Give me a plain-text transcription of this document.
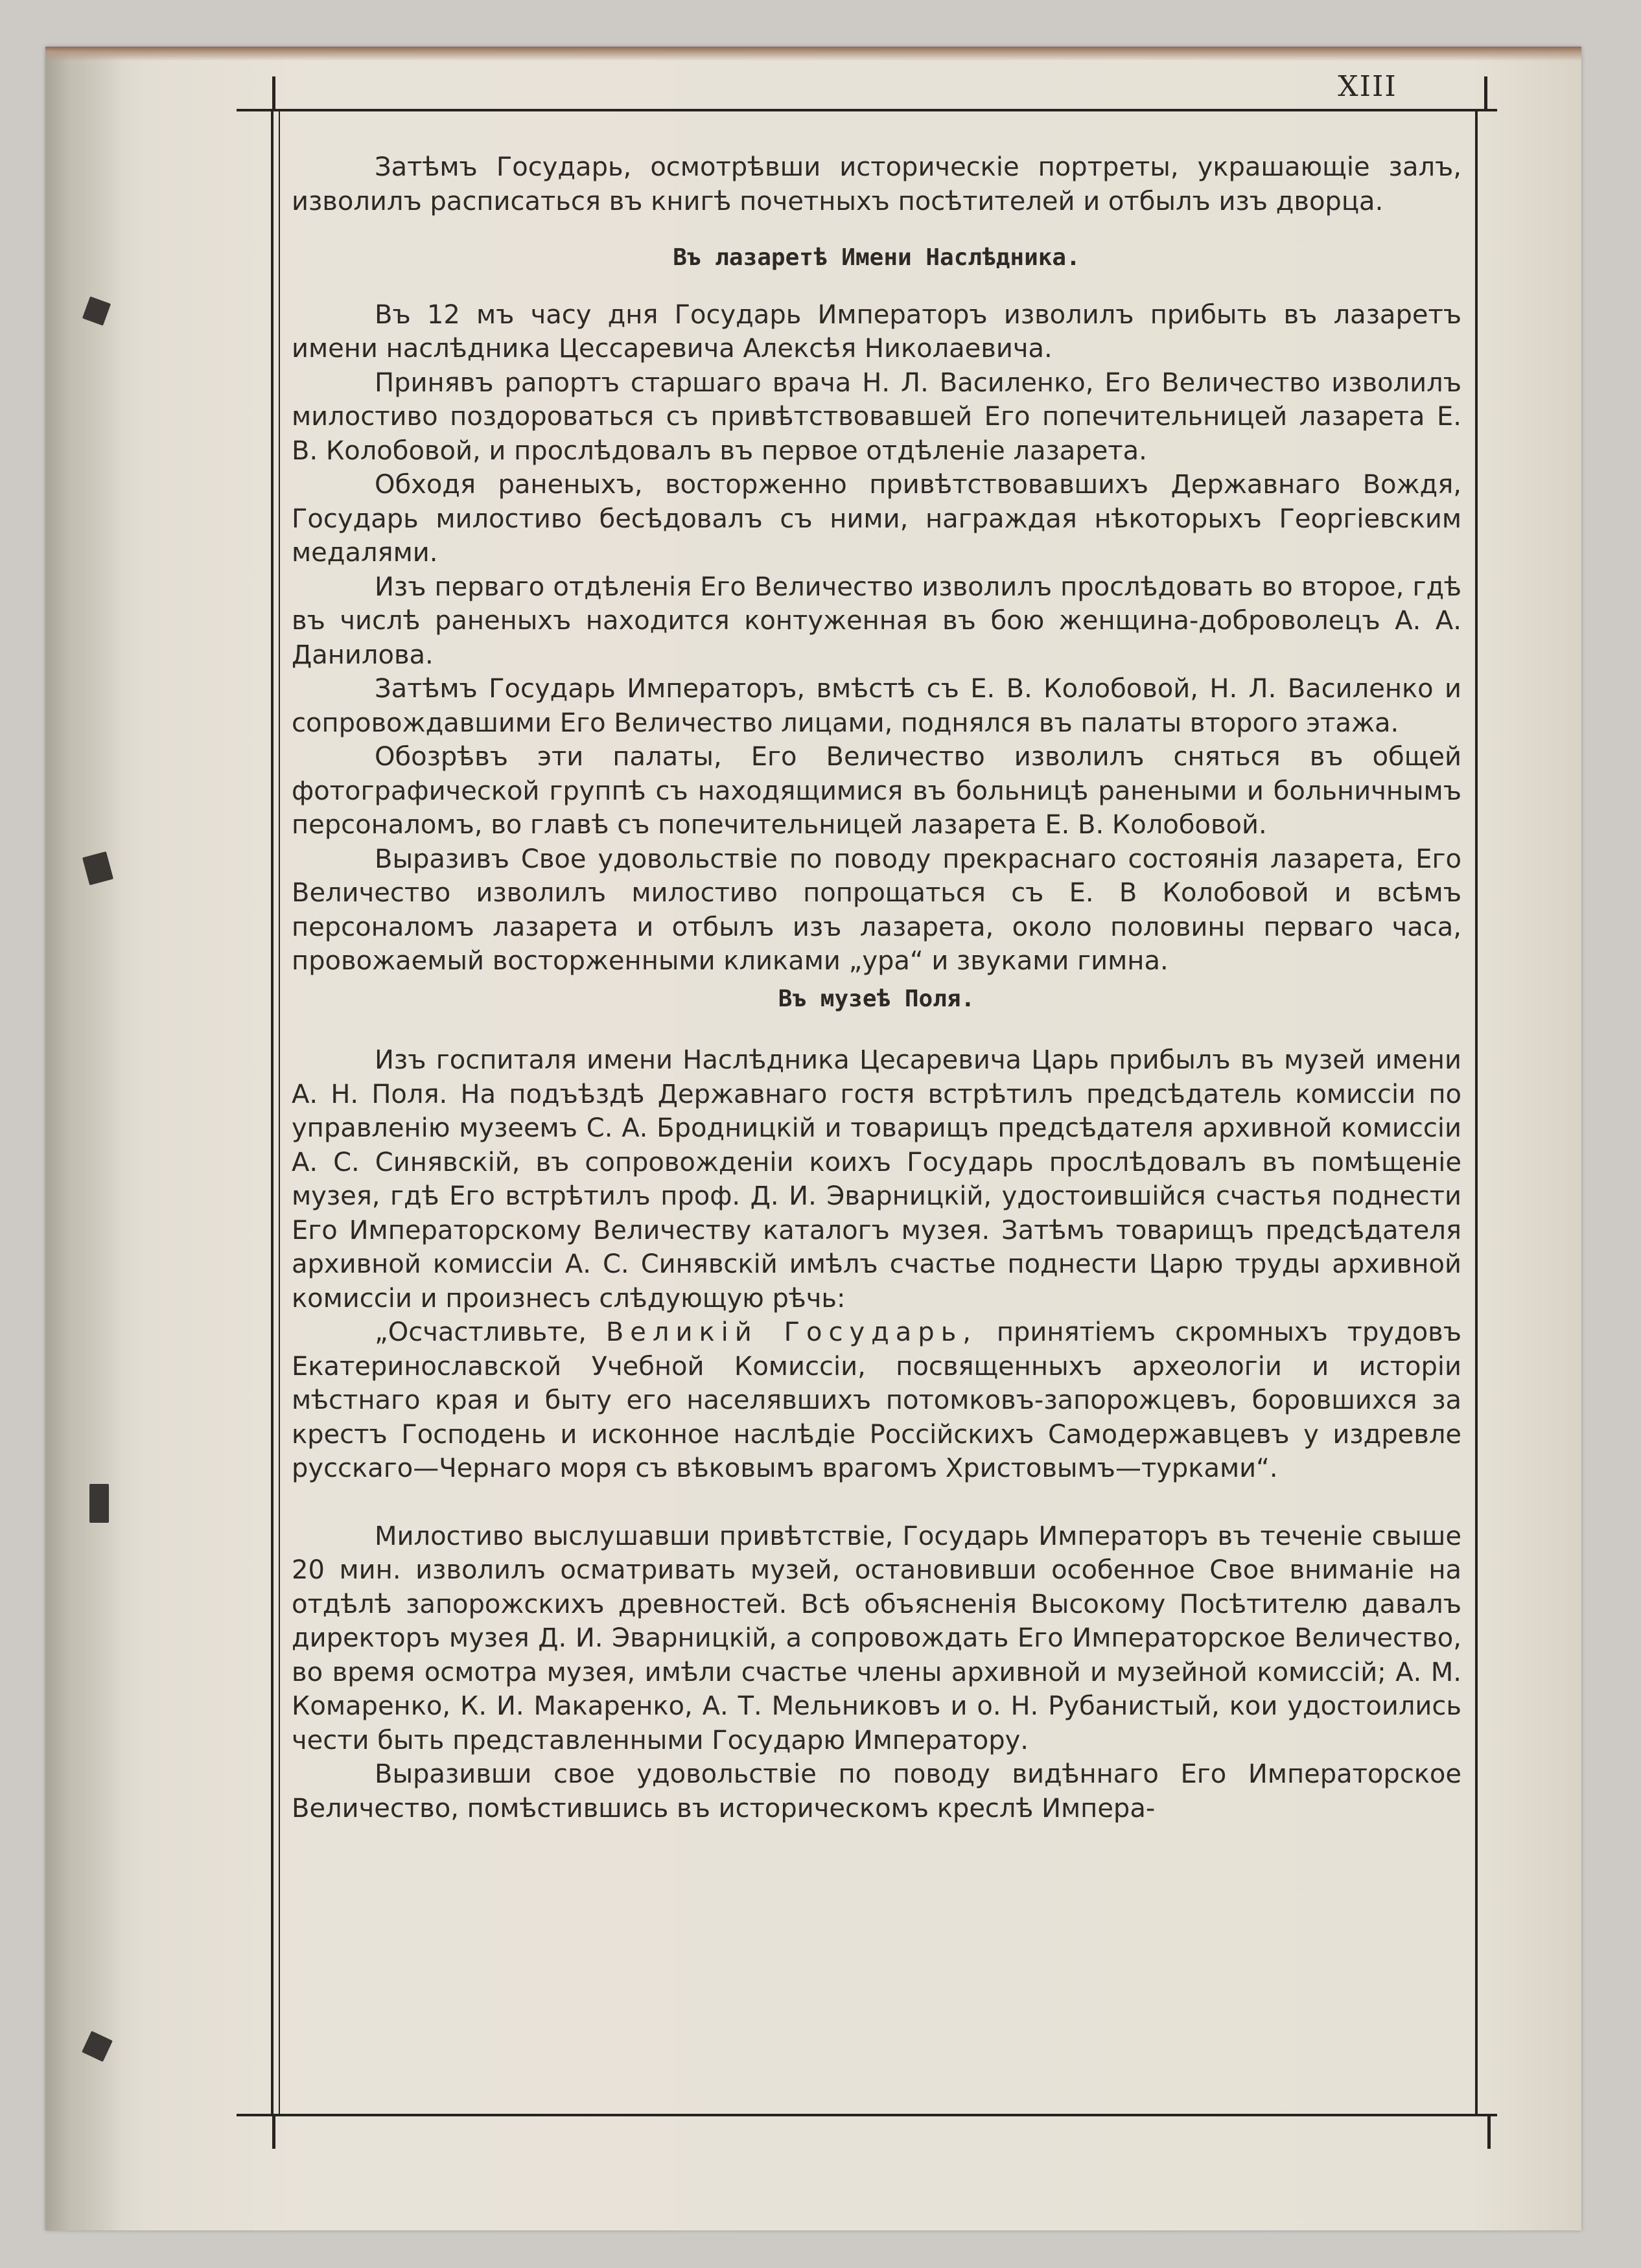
XIII

Затѣмъ Государь, осмотрѣвши историческіе портреты, украшающіе залъ, изволилъ расписаться въ книгѣ почетныхъ посѣтителей и отбылъ изъ дворца.

Въ лазаретѣ Имени Наслѣдника.

Въ 12 мъ часу дня Государь Императоръ изволилъ прибыть въ лазаретъ имени наслѣдника Цессаревича Алексѣя Николаевича.

Принявъ рапортъ старшаго врача Н. Л. Василенко, Его Величество изволилъ милостиво поздороваться съ привѣтствовавшей Его попечительницей лазарета Е. В. Колобовой, и прослѣдовалъ въ первое отдѣленіе лазарета.

Обходя раненыхъ, восторженно привѣтствовавшихъ Державнаго Вождя, Государь милостиво бесѣдовалъ съ ними, награждая нѣкоторыхъ Георгіевским медалями.

Изъ перваго отдѣленія Его Величество изволилъ прослѣдовать во второе, гдѣ въ числѣ раненыхъ находится контуженная въ бою женщина-доброволецъ А. А. Данилова.

Затѣмъ Государь Императоръ, вмѣстѣ съ Е. В. Колобовой, Н. Л. Василенко и сопровождавшими Его Величество лицами, поднялся въ палаты второго этажа.

Обозрѣвъ эти палаты, Его Величество изволилъ сняться въ общей фотографической группѣ съ находящимися въ больницѣ ранеными и больничнымъ персоналомъ, во главѣ съ попечительницей лазарета Е. В. Колобовой.

Выразивъ Свое удовольствіе по поводу прекраснаго состоянія лазарета, Его Величество изволилъ милостиво попрощаться съ Е. В Колобовой и всѣмъ персоналомъ лазарета и отбылъ изъ лазарета, около половины перваго часа, провожаемый восторженными кликами „ура“ и звуками гимна.

Въ музеѣ Поля.

Изъ госпиталя имени Наслѣдника Цесаревича Царь прибылъ въ музей имени А. Н. Поля. На подъѣздѣ Державнаго гостя встрѣтилъ предсѣдатель комиссіи по управленію музеемъ С. А. Бродницкій и товарищъ предсѣдателя архивной комиссіи А. С. Синявскій, въ сопровожденіи коихъ Государь прослѣдовалъ въ помѣщеніе музея, гдѣ Его встрѣтилъ проф. Д. И. Эварницкій, удостоившійся счастья поднести Его Императорскому Величеству каталогъ музея. Затѣмъ товарищъ предсѣдателя архивной комиссіи А. С. Синявскій имѣлъ счастье поднести Царю труды архивной комиссіи и произнесъ слѣдующую рѣчь:

„Осчастливьте, Великій Государь, принятіемъ скромныхъ трудовъ Екатеринославской Учебной Комиссіи, посвященныхъ археологіи и исторіи мѣстнаго края и быту его населявшихъ потомковъ-запорожцевъ, боровшихся за крестъ Господень и исконное наслѣдіе Россійскихъ Самодержавцевъ у издревле русскаго—Чернаго моря съ вѣковымъ врагомъ Христовымъ—турками“.

Милостиво выслушавши привѣтствіе, Государь Императоръ въ теченіе свыше 20 мин. изволилъ осматривать музей, остановивши особенное Свое вниманіе на отдѣлѣ запорожскихъ древностей. Всѣ объясненія Высокому Посѣтителю давалъ директоръ музея Д. И. Эварницкій, а сопровождать Его Императорское Величество, во время осмотра музея, имѣли счастье члены архивной и музейной комиссій; А. М. Комаренко, К. И. Макаренко, А. Т. Мельниковъ и о. Н. Рубанистый, кои удостоились чести быть представленными Государю Императору.

Выразивши свое удовольствіе по поводу видѣннаго Его Императорское Величество, помѣстившись въ историческомъ креслѣ Импера-
